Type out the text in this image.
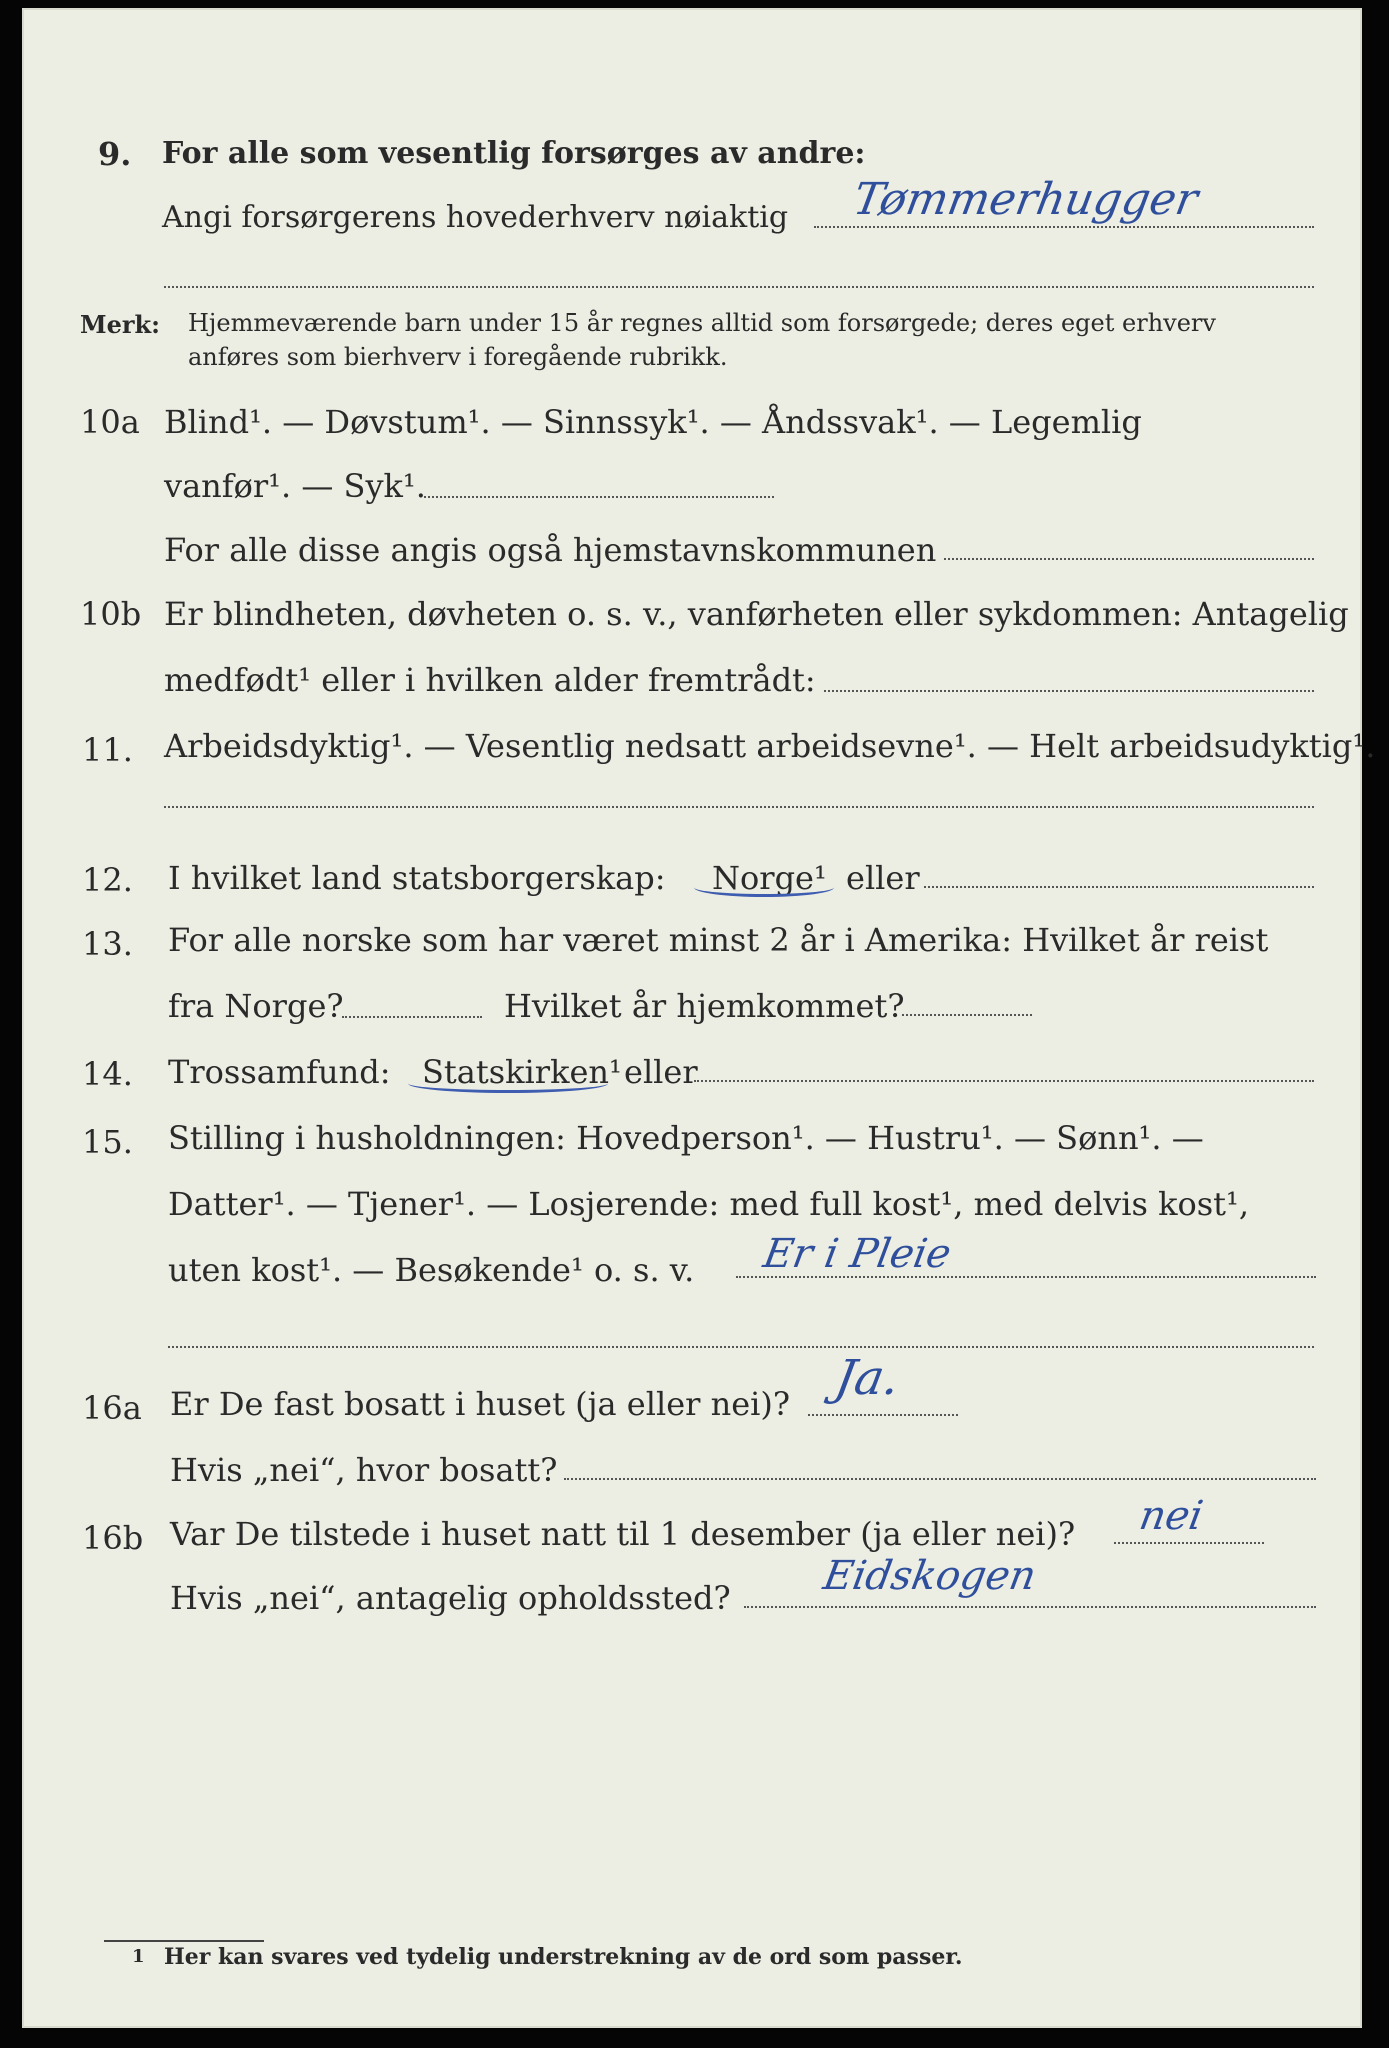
9. For alle som vesentlig forsørges av andre:
Angi forsørgerens hovederhverv nøiaktig Tømmerhugger
Merk: Hjemmeværende barn under 15 år regnes alltid som forsørgede; deres eget erhverv
anføres som bierhverv i foregående rubrikk.
10a Blind¹. — Døvstum¹. — Sinnssyk¹. — Åndssvak¹. — Legemlig
vanfør¹. — Syk¹.
For alle disse angis også hjemstavnskommunen
10b Er blindheten, døvheten o. s. v., vanførheten eller sykdommen: Antagelig
medfødt¹ eller i hvilken alder fremtrådt:
11. Arbeidsdyktig¹. — Vesentlig nedsatt arbeidsevne¹. — Helt arbeidsudyktig¹.
12. I hvilket land statsborgerskap: Norge¹ eller
13. For alle norske som har været minst 2 år i Amerika: Hvilket år reist
fra Norge?	Hvilket år hjemkommet?
14. Trossamfund: Statskirken¹ eller
15. Stilling i husholdningen: Hovedperson¹. — Hustru¹. — Sønn¹. —
Datter¹. — Tjener¹. — Losjerende: med full kost¹, med delvis kost¹,
uten kost¹. — Besøkende¹ o. s. v. Er i Pleie
16a Er De fast bosatt i huset (ja eller nei)? Ja.
Hvis „nei“, hvor bosatt?
16b Var De tilstede i huset natt til 1 desember (ja eller nei)? nei
Hvis „nei“, antagelig opholdssted? Eidskogen
1 Her kan svares ved tydelig understrekning av de ord som passer.
